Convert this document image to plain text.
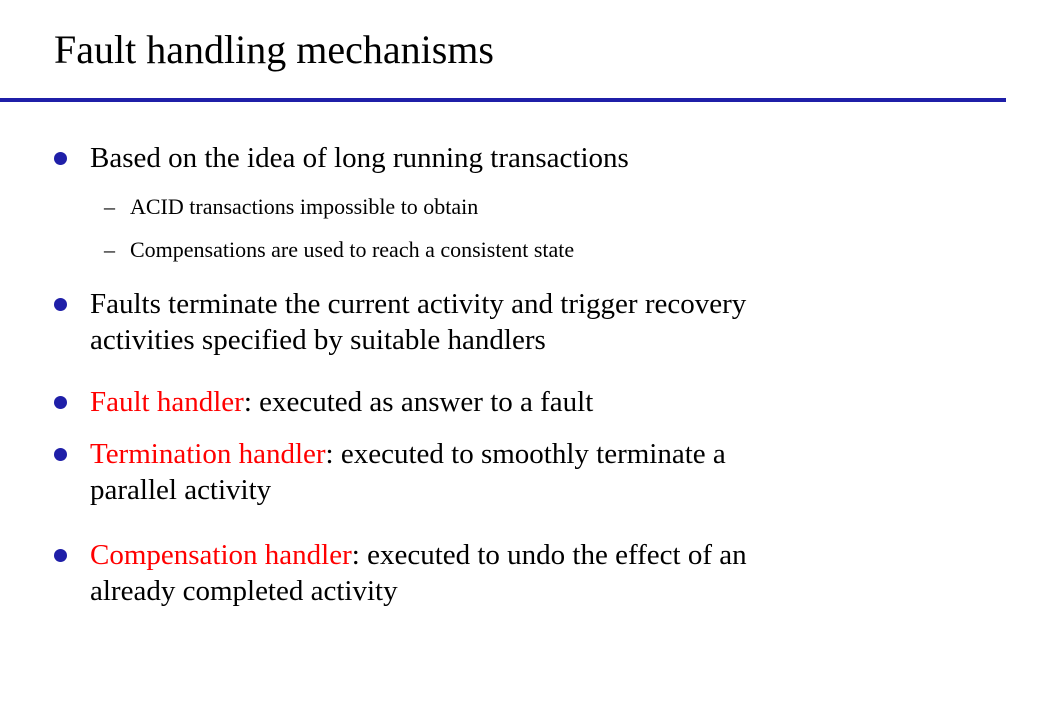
Fault handling mechanisms
Based on the idea of long running transactions
– ACID transactions impossible to obtain
– Compensations are used to reach a consistent state
Faults terminate the current activity and trigger recovery
activities specified by suitable handlers
Fault handler: executed as answer to a fault
Termination handler: executed to smoothly terminate a
parallel activity
Compensation handler: executed to undo the effect of an
already completed activity
